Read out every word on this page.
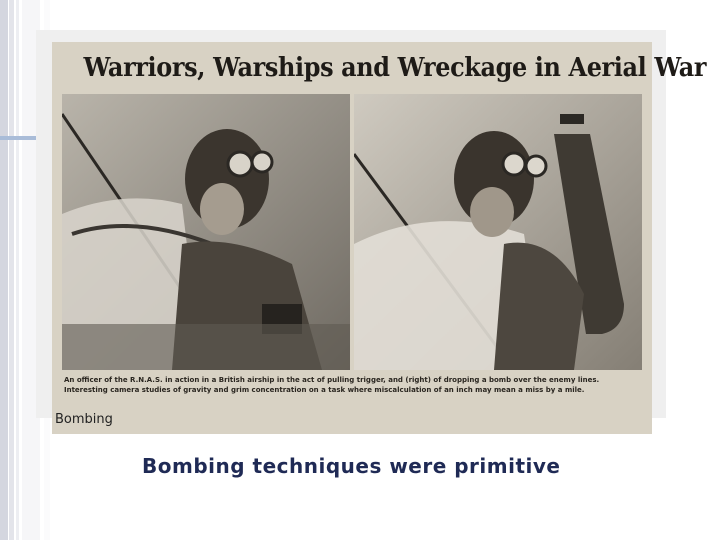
Warriors, Warships and Wreckage in Aerial War
An officer of the R.N.A.S. in action in a British airship in the act of pulling trigger, and (right) of dropping a bomb over the enemy lines.
Interesting camera studies of gravity and grim concentration on a task where miscalculation of an inch may mean a miss by a mile.
Bombing
Bombing techniques were primitive
